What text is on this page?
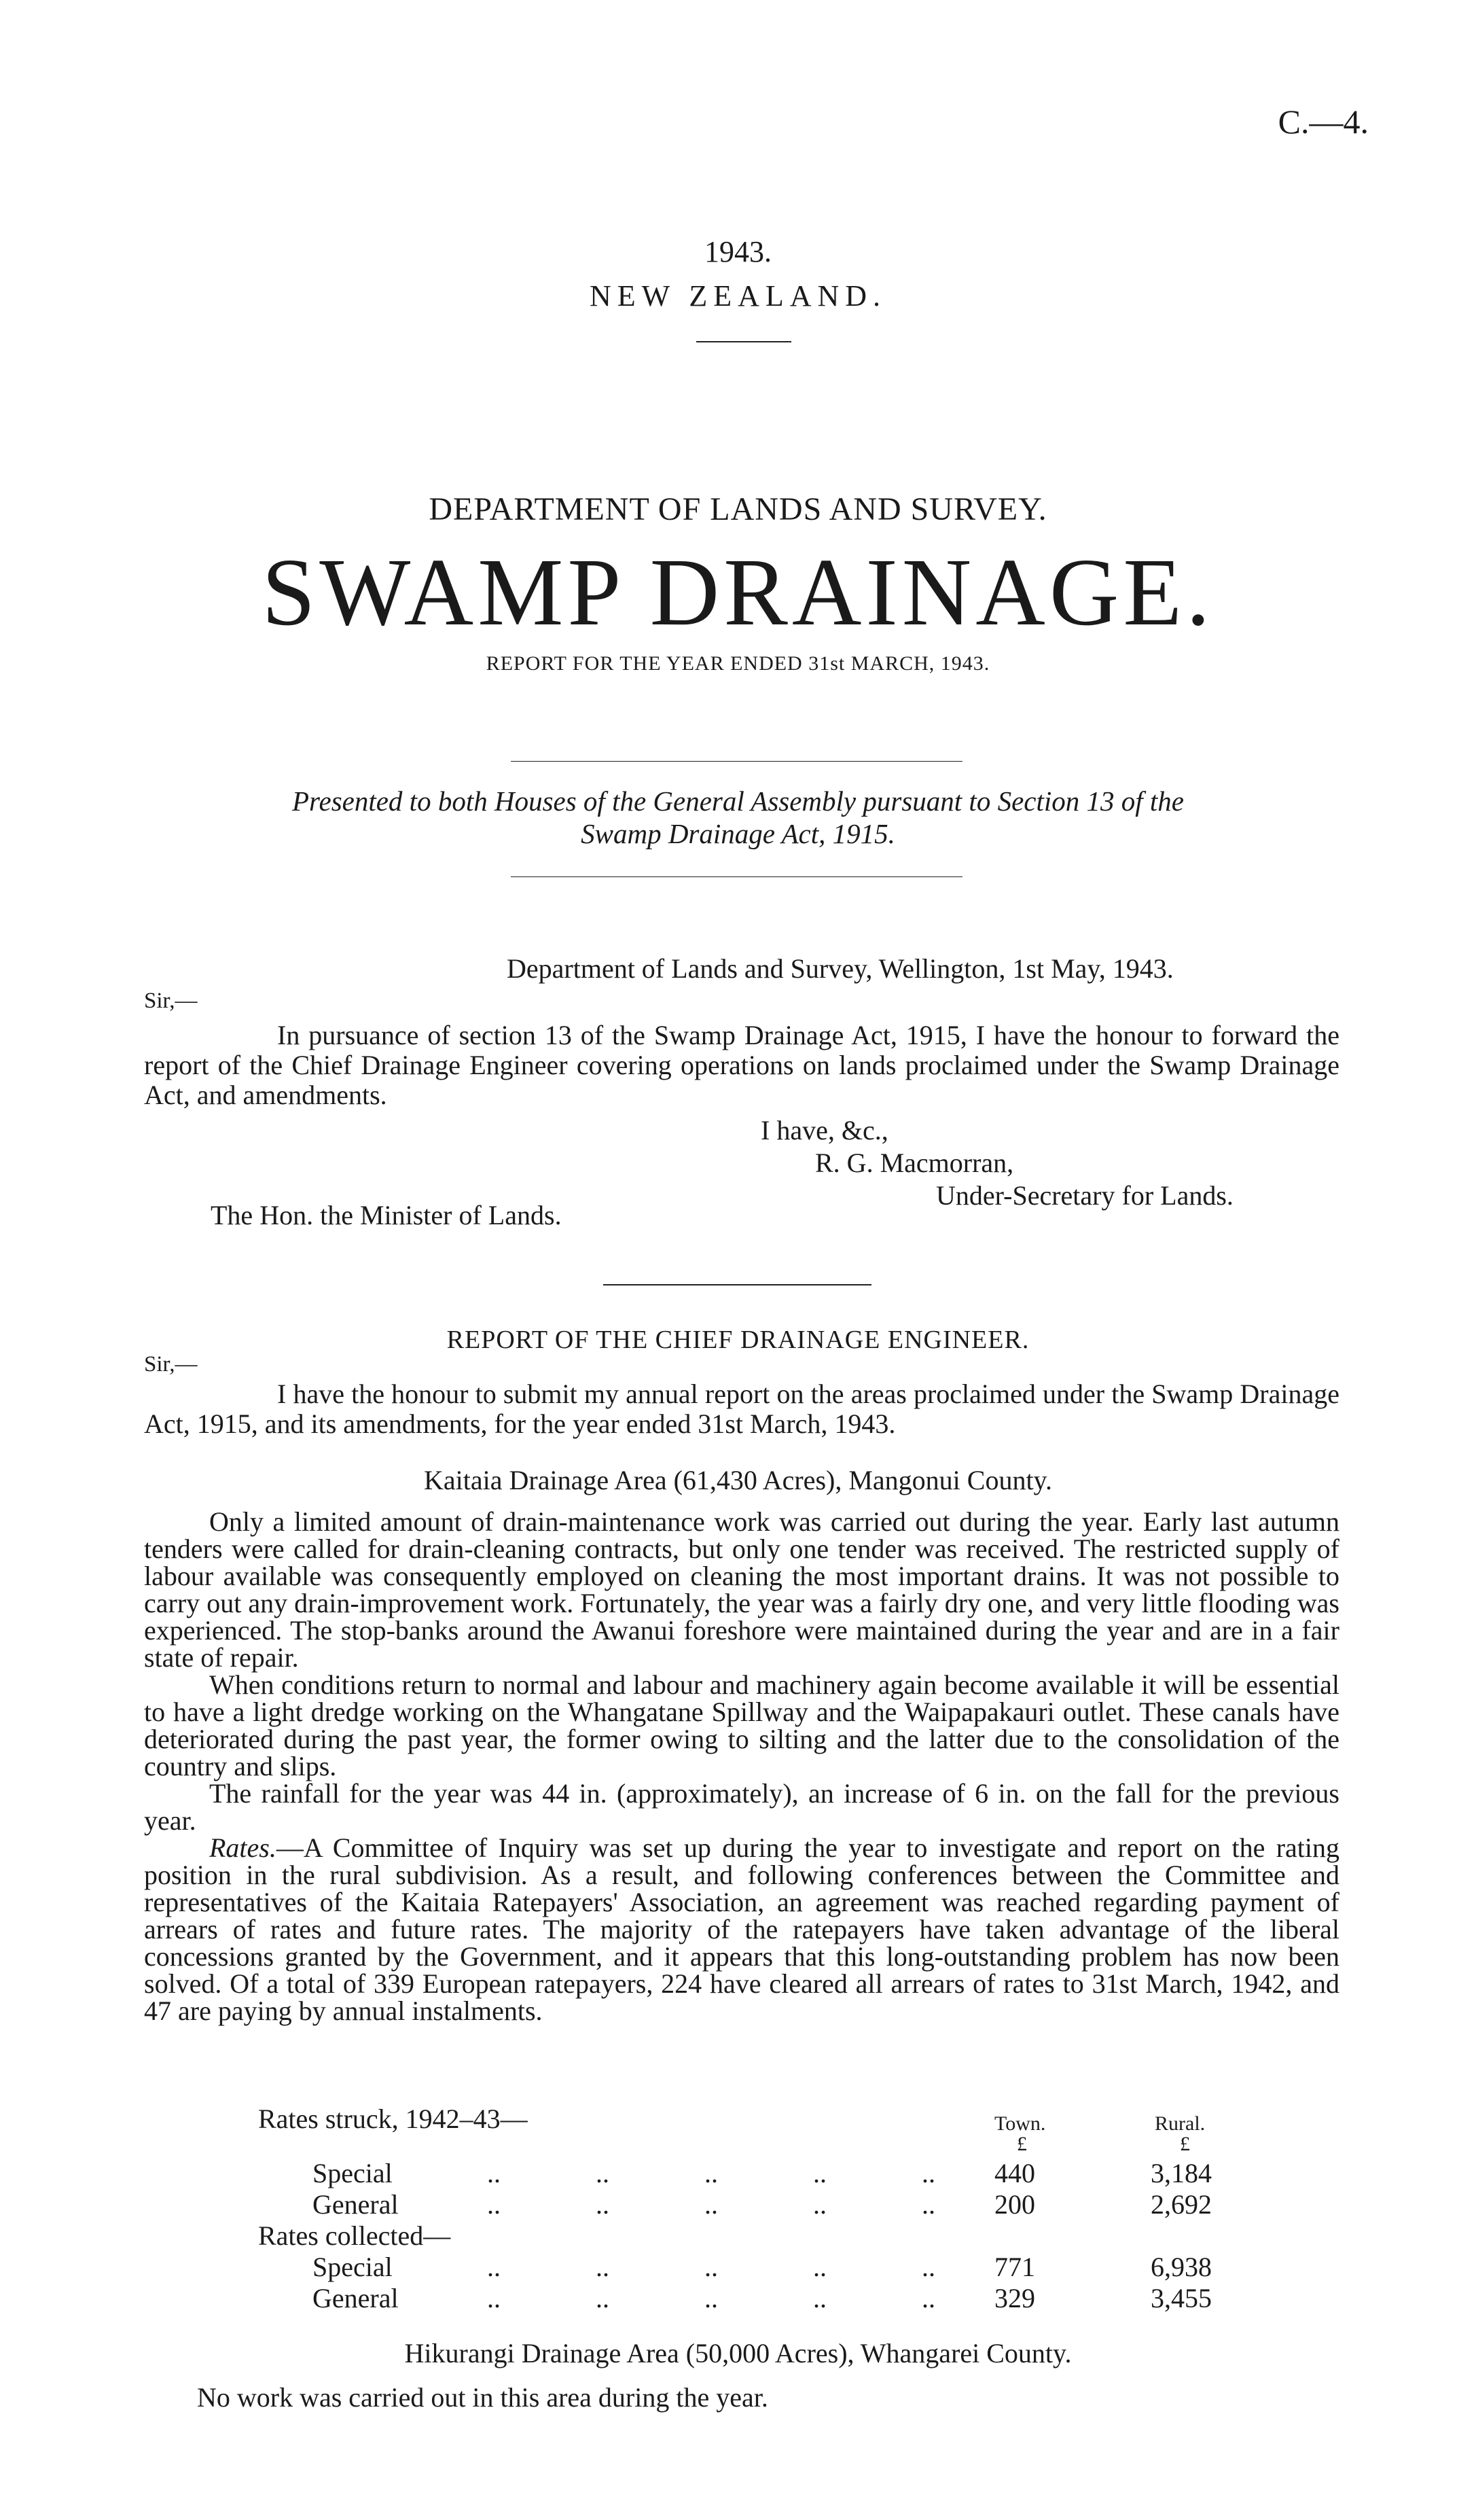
C.—4.
1943.
NEW ZEALAND.
DEPARTMENT OF LANDS AND SURVEY.
SWAMP DRAINAGE.
REPORT FOR THE YEAR ENDED 31st MARCH, 1943.
Presented to both Houses of the General Assembly pursuant to Section 13 of the
Swamp Drainage Act, 1915.
Department of Lands and Survey, Wellington, 1st May, 1943.
Sir,—

In pursuance of section 13 of the Swamp Drainage Act, 1915, I have the honour to forward the report of the Chief Drainage Engineer covering operations on lands proclaimed under the Swamp Drainage Act, and amendments.

I have, &c.,
R. G. Macmorran,
Under-Secretary for Lands.
The Hon. the Minister of Lands.
REPORT OF THE CHIEF DRAINAGE ENGINEER.
Sir,—

I have the honour to submit my annual report on the areas proclaimed under the Swamp Drainage Act, 1915, and its amendments, for the year ended 31st March, 1943.

Kaitaia Drainage Area (61,430 Acres), Mangonui County.

Only a limited amount of drain-maintenance work was carried out during the year. Early last autumn tenders were called for drain-cleaning contracts, but only one tender was received. The restricted supply of labour available was consequently employed on cleaning the most important drains. It was not possible to carry out any drain-improvement work. Fortunately, the year was a fairly dry one, and very little flooding was experienced. The stop-banks around the Awanui foreshore were maintained during the year and are in a fair state of repair.

When conditions return to normal and labour and machinery again become available it will be essential to have a light dredge working on the Whangatane Spillway and the Waipapakauri outlet. These canals have deteriorated during the past year, the former owing to silting and the latter due to the consolidation of the country and slips.

The rainfall for the year was 44 in. (approximately), an increase of 6 in. on the fall for the previous year.

Rates.—A Committee of Inquiry was set up during the year to investigate and report on the rating position in the rural subdivision. As a result, and following conferences between the Committee and representatives of the Kaitaia Ratepayers' Association, an agreement was reached regarding payment of arrears of rates and future rates. The majority of the ratepayers have taken advantage of the liberal concessions granted by the Government, and it appears that this long-outstanding problem has now been solved. Of a total of 339 European ratepayers, 224 have cleared all arrears of rates to 31st March, 1942, and 47 are paying by annual instalments.

Rates struck, 1942–43—	Town.	Rural.
£	£
Special	..	..	..	..	.. 440	3,184
General	..	..	..	..	.. 200	2,692
Rates collected—
Special	..	..	..	..	.. 771	6,938
General	..	..	..	..	.. 329	3,455
Hikurangi Drainage Area (50,000 Acres), Whangarei County.
No work was carried out in this area during the year.
